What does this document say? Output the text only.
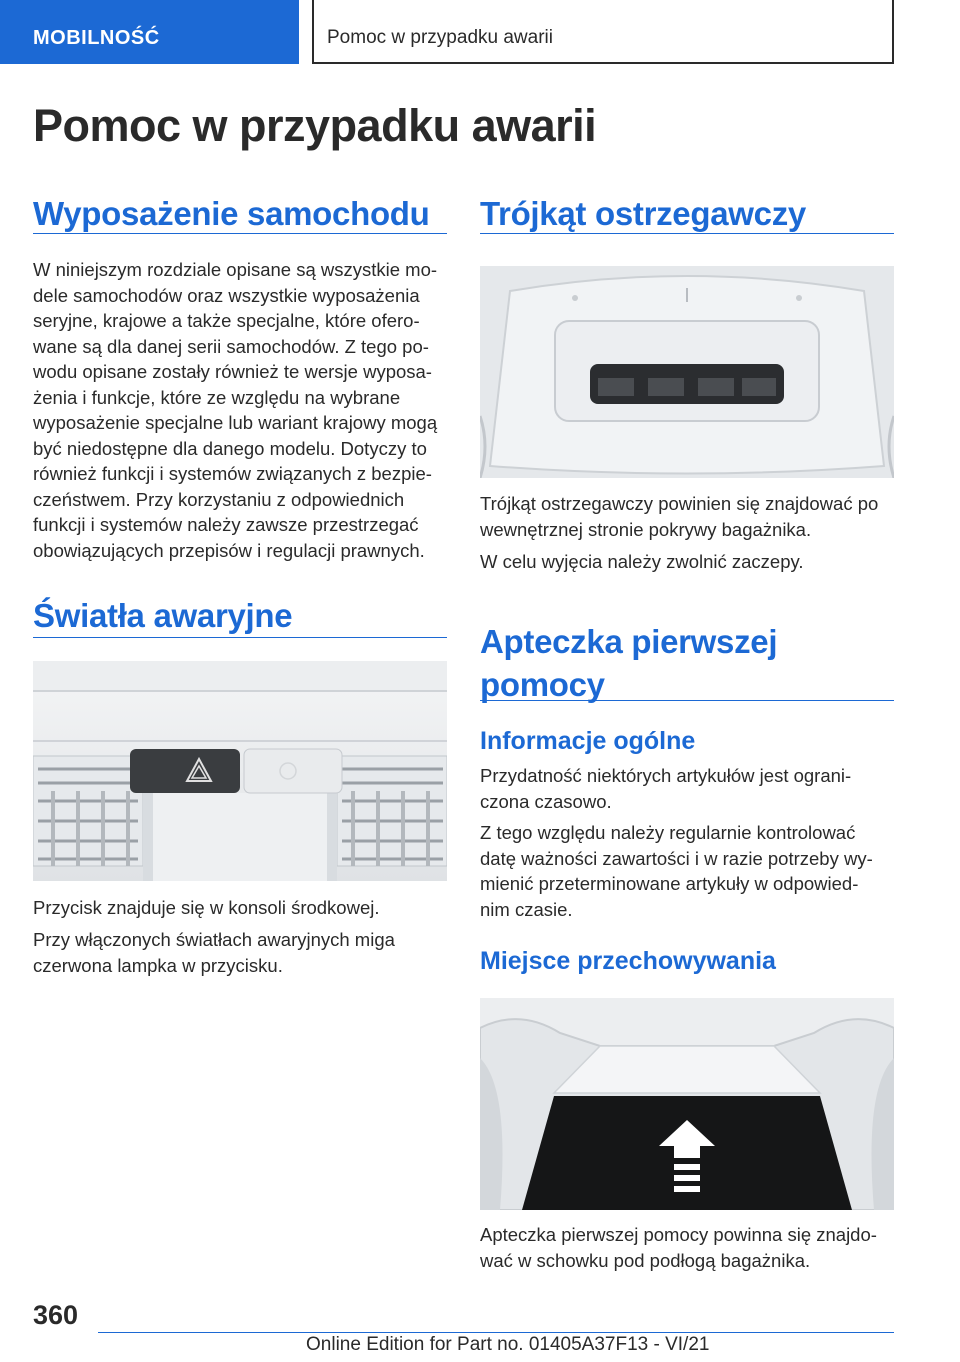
MOBILNOŚĆ	Pomoc w przypadku awarii
Pomoc w przypadku awarii
Wyposażenie samochodu
W niniejszym rozdziale opisane są wszystkie mo‐
dele samochodów oraz wszystkie wyposażenia
seryjne, krajowe a także specjalne, które ofero‐
wane są dla danej serii samochodów. Z tego po‐
wodu opisane zostały również te wersje wyposa‐
żenia i funkcje, które ze względu na wybrane
wyposażenie specjalne lub wariant krajowy mogą
być niedostępne dla danego modelu. Dotyczy to
również funkcji i systemów związanych z bezpie‐
czeństwem. Przy korzystaniu z odpowiednich
funkcji i systemów należy zawsze przestrzegać
obowiązujących przepisów i regulacji prawnych.
Światła awaryjne
Przycisk znajduje się w konsoli środkowej.
Przy włączonych światłach awaryjnych miga
czerwona lampka w przycisku.
Trójkąt ostrzegawczy
Trójkąt ostrzegawczy powinien się znajdować po
wewnętrznej stronie pokrywy bagażnika.
W celu wyjęcia należy zwolnić zaczepy.
Apteczka pierwszej
pomocy
Informacje ogólne
Przydatność niektórych artykułów jest ograni‐
czona czasowo.
Z tego względu należy regularnie kontrolować
datę ważności zawartości i w razie potrzeby wy‐
mienić przeterminowane artykuły w odpowied‐
nim czasie.
Miejsce przechowywania
Apteczka pierwszej pomocy powinna się znajdo‐
wać w schowku pod podłogą bagażnika.
360
Online Edition for Part no. 01405A37F13 - VI/21
